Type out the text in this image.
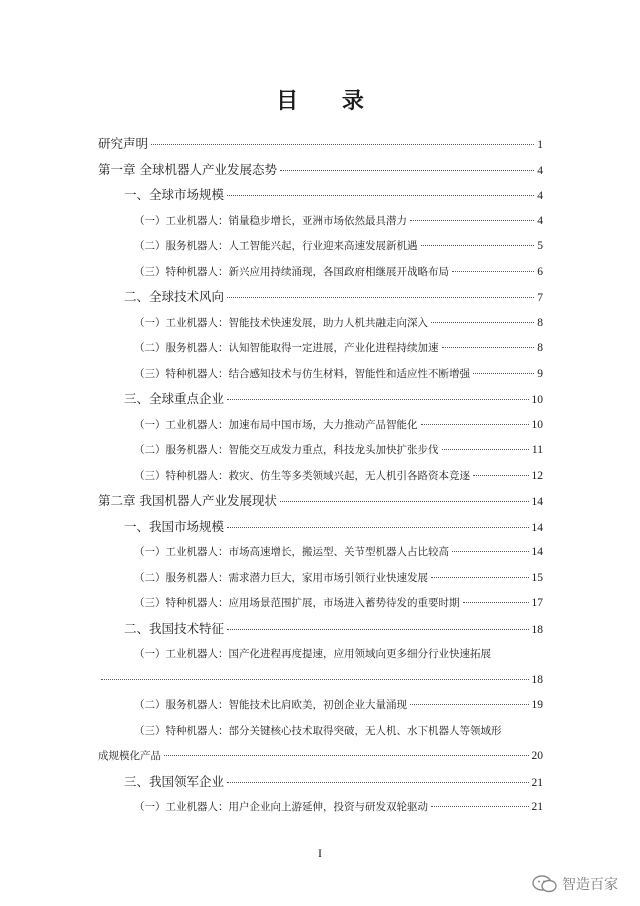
目 录
研究声明	1
第一章 全球机器人产业发展态势	4
一、全球市场规模	4
（一）工业机器人：销量稳步增长，亚洲市场依然最具潜力	4
（二）服务机器人：人工智能兴起，行业迎来高速发展新机遇	5
（三）特种机器人：新兴应用持续涌现，各国政府相继展开战略布局	6
二、全球技术风向	7
（一）工业机器人：智能技术快速发展，助力人机共融走向深入	8
（二）服务机器人：认知智能取得一定进展，产业化进程持续加速	8
（三）特种机器人：结合感知技术与仿生材料，智能性和适应性不断增强	9
三、全球重点企业	10
（一）工业机器人：加速布局中国市场，大力推动产品智能化	10
（二）服务机器人：智能交互成发力重点，科技龙头加快扩张步伐	11
（三）特种机器人：救灾、仿生等多类领域兴起，无人机引各路资本竞逐	12
第二章 我国机器人产业发展现状	14
一、我国市场规模	14
（一）工业机器人：市场高速增长，搬运型、关节型机器人占比较高	14
（二）服务机器人：需求潜力巨大，家用市场引领行业快速发展	15
（三）特种机器人：应用场景范围扩展，市场进入蓄势待发的重要时期	17
二、我国技术特征	18
（一）工业机器人：国产化进程再度提速，应用领域向更多细分行业快速拓展
18
（二）服务机器人：智能技术比肩欧美，初创企业大量涌现	19
（三）特种机器人：部分关键核心技术取得突破，无人机、水下机器人等领域形
成规模化产品	20
三、我国领军企业	21
（一）工业机器人：用户企业向上游延伸，投资与研发双轮驱动	21
I
智造百家
